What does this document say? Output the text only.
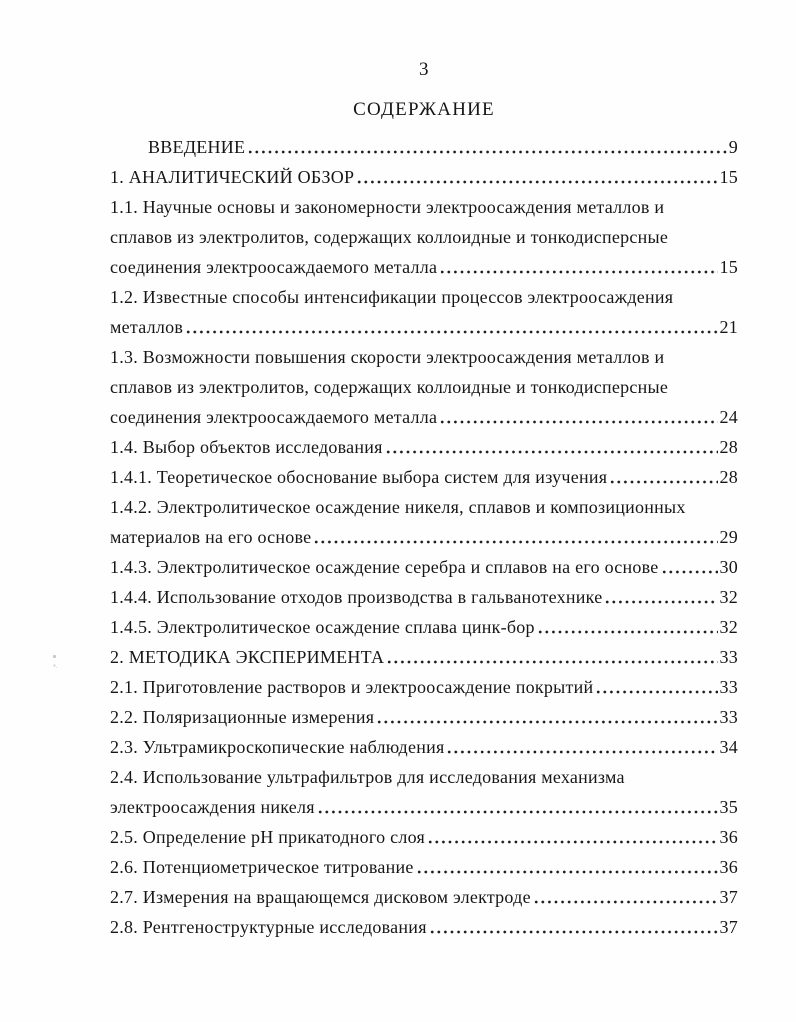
3
СОДЕРЖАНИЕ
ВВЕДЕНИЕ	9
1. АНАЛИТИЧЕСКИЙ ОБЗОР	15
1.1. Научные основы и закономерности электроосаждения металлов и
сплавов из электролитов, содержащих коллоидные и тонкодисперсные
соединения электроосаждаемого металла	15
1.2. Известные способы интенсификации процессов электроосаждения
металлов	21
1.3. Возможности повышения скорости электроосаждения металлов и
сплавов из электролитов, содержащих коллоидные и тонкодисперсные
соединения электроосаждаемого металла	24
1.4. Выбор объектов исследования	28
1.4.1. Теоретическое обоснование выбора систем для изучения	28
1.4.2. Электролитическое осаждение никеля, сплавов и композиционных
материалов на его основе	29
1.4.3. Электролитическое осаждение серебра и сплавов на его основе	30
1.4.4. Использование отходов производства в гальванотехнике	32
1.4.5. Электролитическое осаждение сплава цинк-бор	32
2. МЕТОДИКА ЭКСПЕРИМЕНТА	33
2.1. Приготовление растворов и электроосаждение покрытий	33
2.2. Поляризационные измерения	33
2.3. Ультрамикроскопические наблюдения	34
2.4. Использование ультрафильтров для исследования механизма
электроосаждения никеля	35
2.5. Определение pH прикатодного слоя	36
2.6. Потенциометрическое титрование	36
2.7. Измерения на вращающемся дисковом электроде	37
2.8. Рентгеноструктурные исследования	37
